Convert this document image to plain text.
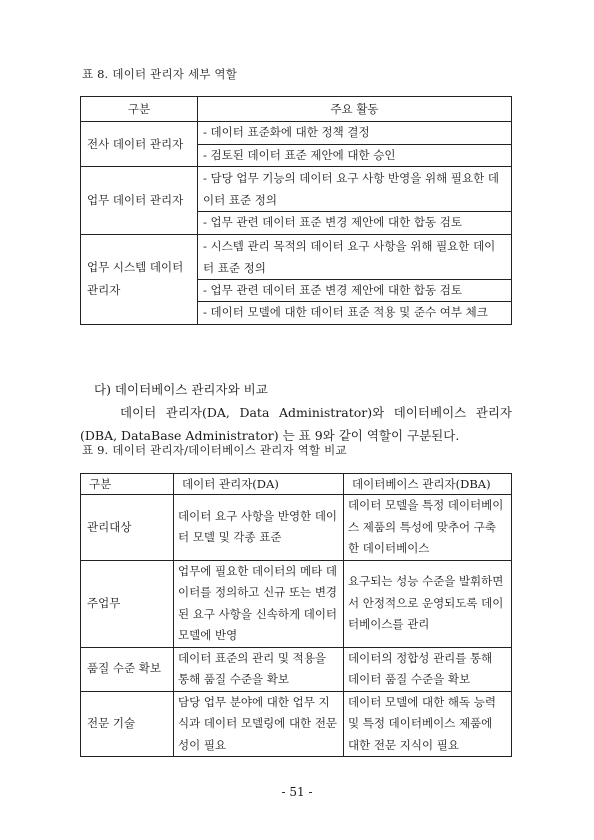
표 8. 데이터 관리자 세부 역할
구분	주요 활동
전사 데이터 관리자	- 데이터 표준화에 대한 정책 결정
- 검토된 데이터 표준 제안에 대한 승인

업무 데이터 관리자	- 담당 업무 기능의 데이터 요구 사항 반영을 위해 필요한 데이터 표준 정의
- 업무 관련 데이터 표준 변경 제안에 대한 합동 검토

업무 시스템 데이터 관리자	- 시스템 관리 목적의 데이터 요구 사항을 위해 필요한 데이터 표준 정의
- 업무 관련 데이터 표준 변경 제안에 대한 합동 검토
- 데이터 모델에 대한 데이터 표준 적용 및 준수 여부 체크
다) 데이터베이스 관리자와 비교

데이터 관리자(DA, Data Administrator)와 데이터베이스 관리자(DBA, DataBase Administrator) 는 표 9와 같이 역할이 구분된다.

표 9. 데이터 관리자/데이터베이스 관리자 역할 비교
구분	데이터 관리자(DA)	데이터베이스 관리자(DBA)
관리대상	데이터 요구 사항을 반영한 데이터 모델 및 각종 표준	데이터 모델을 특정 데이터베이스 제품의 특성에 맞추어 구축한 데이터베이스
주업무	업무에 필요한 데이터의 메타 데이터를 정의하고 신규 또는 변경된 요구 사항을 신속하게 데이터 모델에 반영	요구되는 성능 수준을 발휘하면서 안정적으로 운영되도록 데이터베이스를 관리
품질 수준 확보	데이터 표준의 관리 및 적용을 통해 품질 수준을 확보	데이터의 정합성 관리를 통해 데이터 품질 수준을 확보
전문 기술	담당 업무 분야에 대한 업무 지식과 데이터 모델링에 대한 전문성이 필요	데이터 모델에 대한 해독 능력 및 특정 데이터베이스 제품에 대한 전문 지식이 필요
- 51 -
